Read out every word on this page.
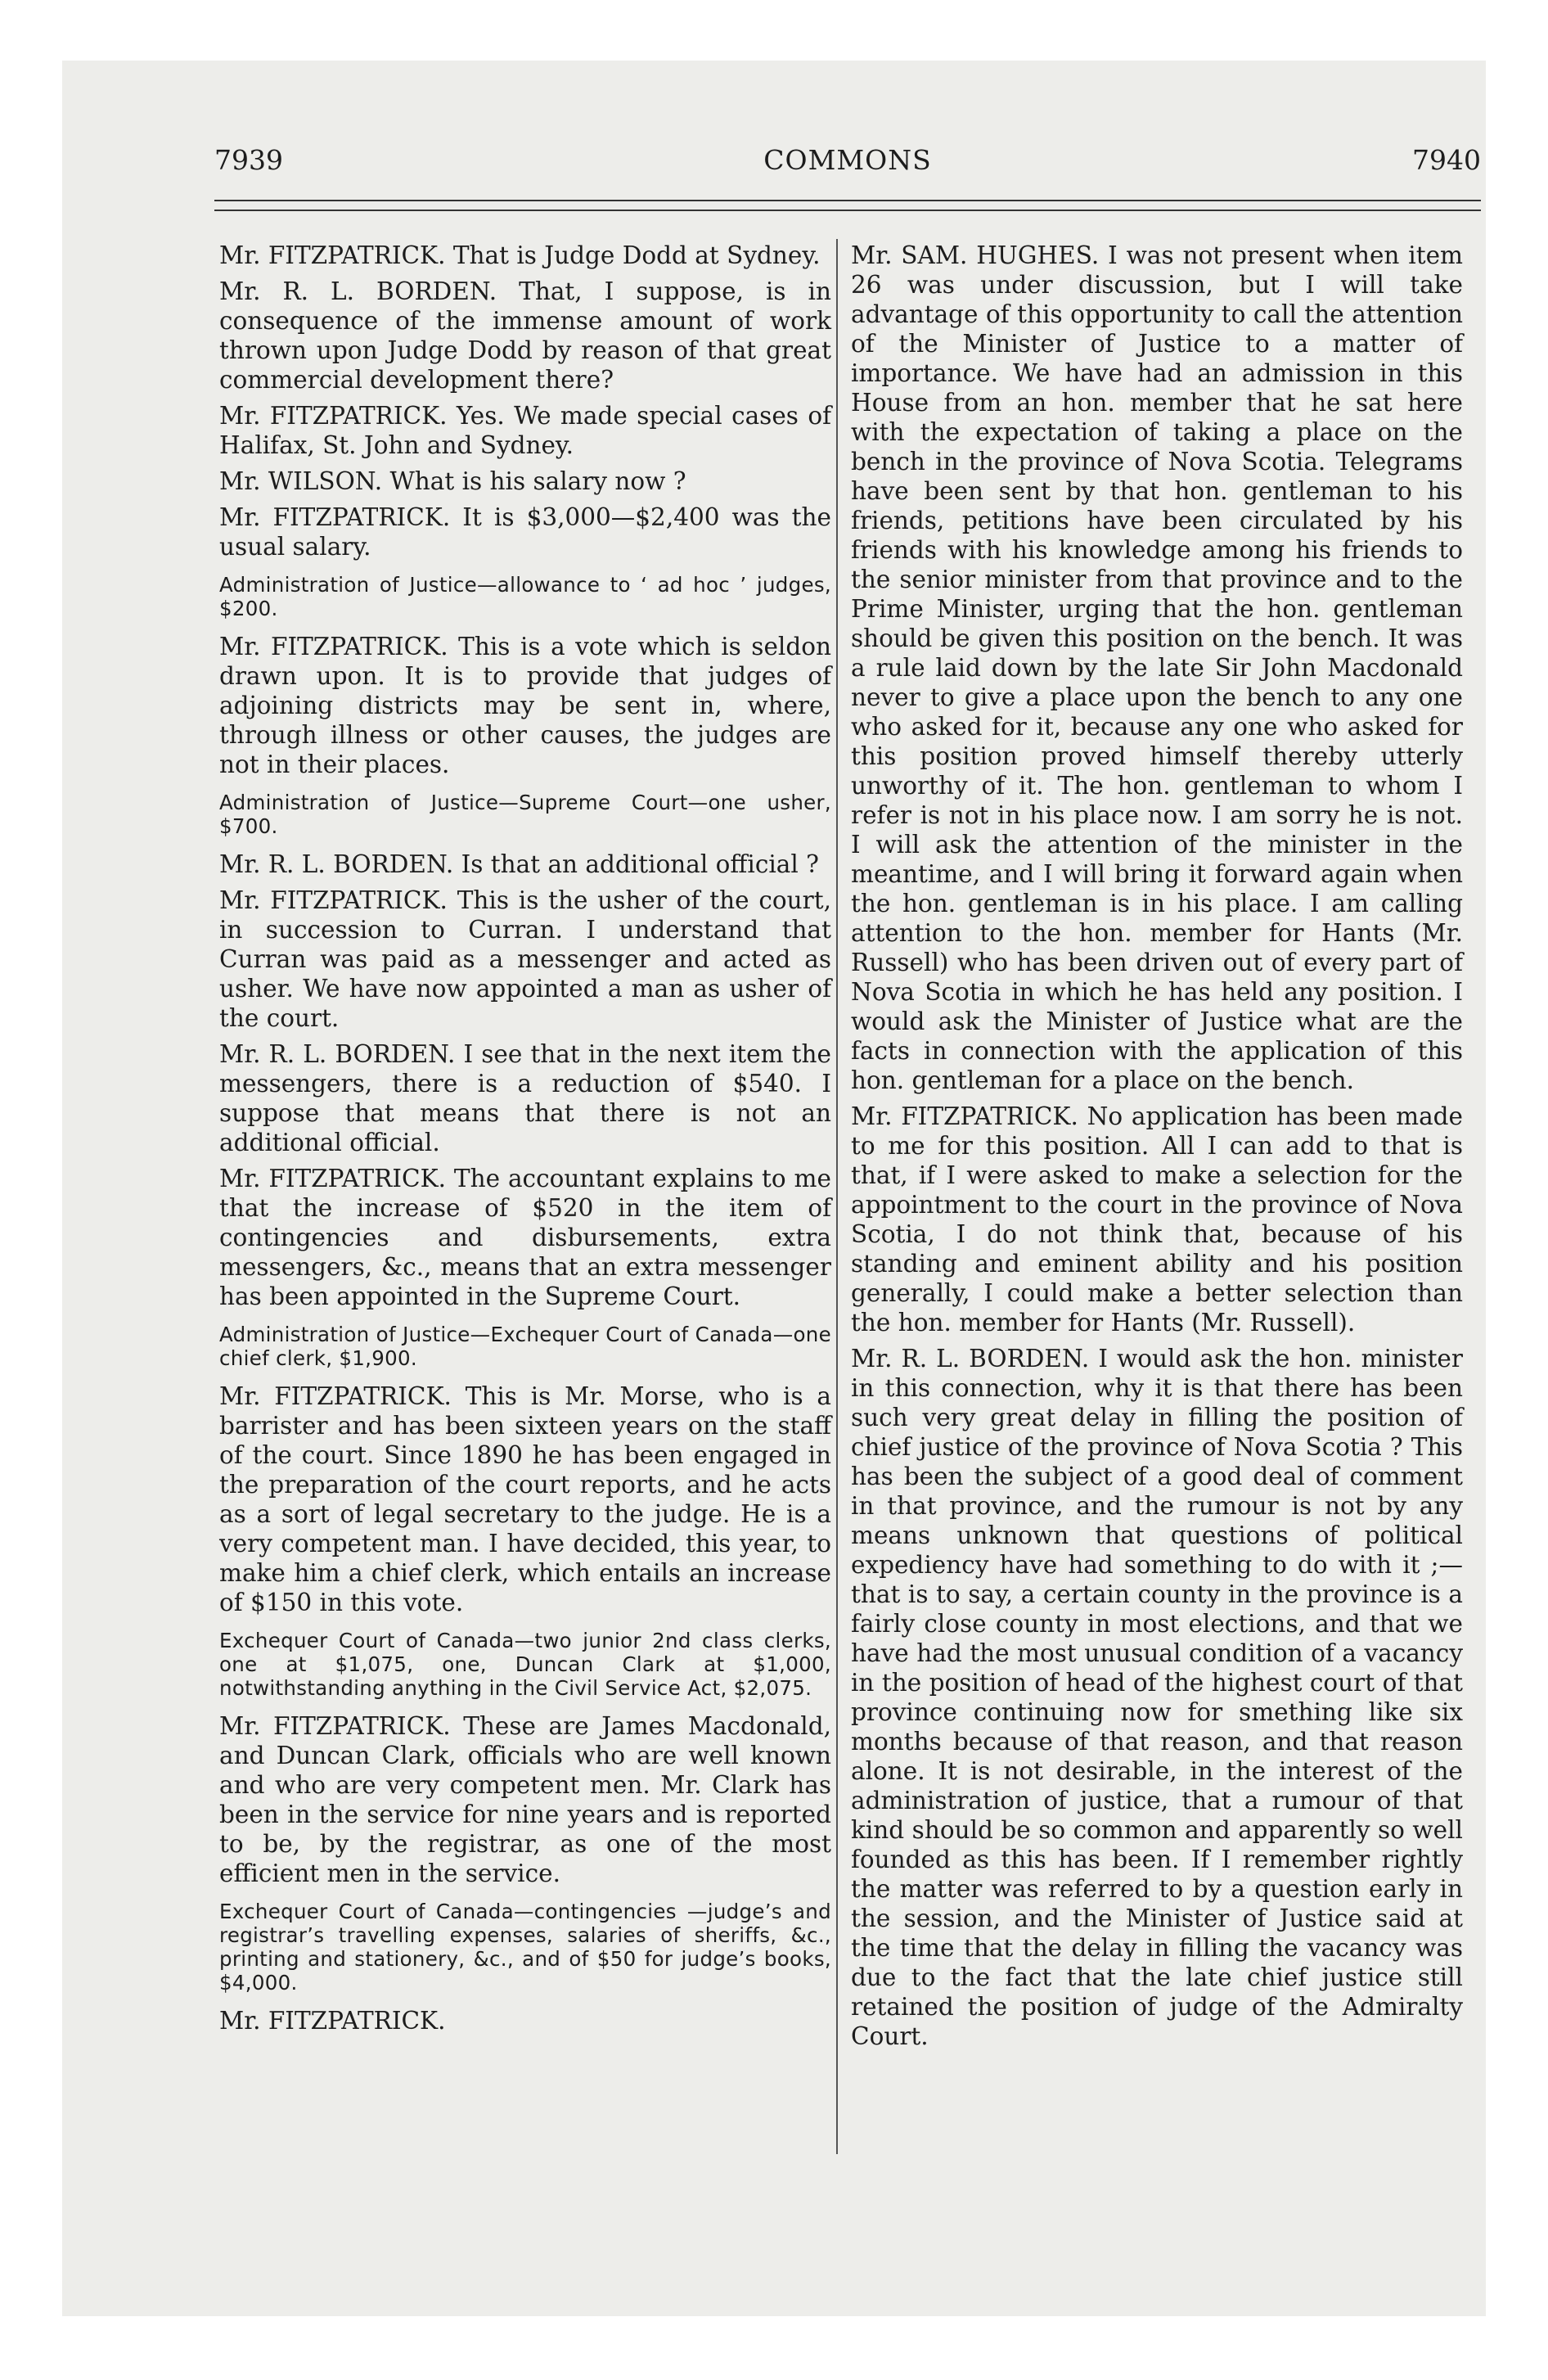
7939	COMMONS	7940

Mr. FITZPATRICK. That is Judge Dodd at Sydney.

Mr. R. L. BORDEN. That, I suppose, is in consequence of the immense amount of work thrown upon Judge Dodd by reason of that great commercial development there?

Mr. FITZPATRICK. Yes. We made special cases of Halifax, St. John and Sydney.

Mr. WILSON. What is his salary now ?

Mr. FITZPATRICK. It is $3,000—$2,400 was the usual salary.

Administration of Justice—allowance to ‘ ad hoc ’ judges, $200.

Mr. FITZPATRICK. This is a vote which is seldon drawn upon. It is to provide that judges of adjoining districts may be sent in, where, through illness or other causes, the judges are not in their places.

Administration of Justice—Supreme Court—one usher, $700.

Mr. R. L. BORDEN. Is that an additional official ?

Mr. FITZPATRICK. This is the usher of the court, in succession to Curran. I understand that Curran was paid as a messenger and acted as usher. We have now appointed a man as usher of the court.

Mr. R. L. BORDEN. I see that in the next item the messengers, there is a reduction of $540. I suppose that means that there is not an additional official.

Mr. FITZPATRICK. The accountant explains to me that the increase of $520 in the item of contingencies and disbursements, extra messengers, &c., means that an extra messenger has been appointed in the Supreme Court.

Administration of Justice—Exchequer Court of Canada—one chief clerk, $1,900.

Mr. FITZPATRICK. This is Mr. Morse, who is a barrister and has been sixteen years on the staff of the court. Since 1890 he has been engaged in the preparation of the court reports, and he acts as a sort of legal secretary to the judge. He is a very competent man. I have decided, this year, to make him a chief clerk, which entails an increase of $150 in this vote.

Exchequer Court of Canada—two junior 2nd class clerks, one at $1,075, one, Duncan Clark at $1,000, notwithstanding anything in the Civil Service Act, $2,075.

Mr. FITZPATRICK. These are James Macdonald, and Duncan Clark, officials who are well known and who are very competent men. Mr. Clark has been in the service for nine years and is reported to be, by the registrar, as one of the most efficient men in the service.

Exchequer Court of Canada—contingencies —judge’s and registrar’s travelling expenses, salaries of sheriffs, &c., printing and stationery, &c., and of $50 for judge’s books, $4,000.

Mr. FITZPATRICK.

Mr. SAM. HUGHES. I was not present when item 26 was under discussion, but I will take advantage of this opportunity to call the attention of the Minister of Justice to a matter of importance. We have had an admission in this House from an hon. member that he sat here with the expectation of taking a place on the bench in the province of Nova Scotia. Telegrams have been sent by that hon. gentleman to his friends, petitions have been circulated by his friends with his knowledge among his friends to the senior minister from that province and to the Prime Minister, urging that the hon. gentleman should be given this position on the bench. It was a rule laid down by the late Sir John Macdonald never to give a place upon the bench to any one who asked for it, because any one who asked for this position proved himself thereby utterly unworthy of it. The hon. gentleman to whom I refer is not in his place now. I am sorry he is not. I will ask the attention of the minister in the meantime, and I will bring it forward again when the hon. gentleman is in his place. I am calling attention to the hon. member for Hants (Mr. Russell) who has been driven out of every part of Nova Scotia in which he has held any position. I would ask the Minister of Justice what are the facts in connection with the application of this hon. gentleman for a place on the bench.

Mr. FITZPATRICK. No application has been made to me for this position. All I can add to that is that, if I were asked to make a selection for the appointment to the court in the province of Nova Scotia, I do not think that, because of his standing and eminent ability and his position generally, I could make a better selection than the hon. member for Hants (Mr. Russell).

Mr. R. L. BORDEN. I would ask the hon. minister in this connection, why it is that there has been such very great delay in filling the position of chief justice of the province of Nova Scotia ? This has been the subject of a good deal of comment in that province, and the rumour is not by any means unknown that questions of political expediency have had something to do with it ;—that is to say, a certain county in the province is a fairly close county in most elections, and that we have had the most unusual condition of a vacancy in the position of head of the highest court of that province continuing now for smething like six months because of that reason, and that reason alone. It is not desirable, in the interest of the administration of justice, that a rumour of that kind should be so common and apparently so well founded as this has been. If I remember rightly the matter was referred to by a question early in the session, and the Minister of Justice said at the time that the delay in filling the vacancy was due to the fact that the late chief justice still retained the position of judge of the Admiralty Court.
